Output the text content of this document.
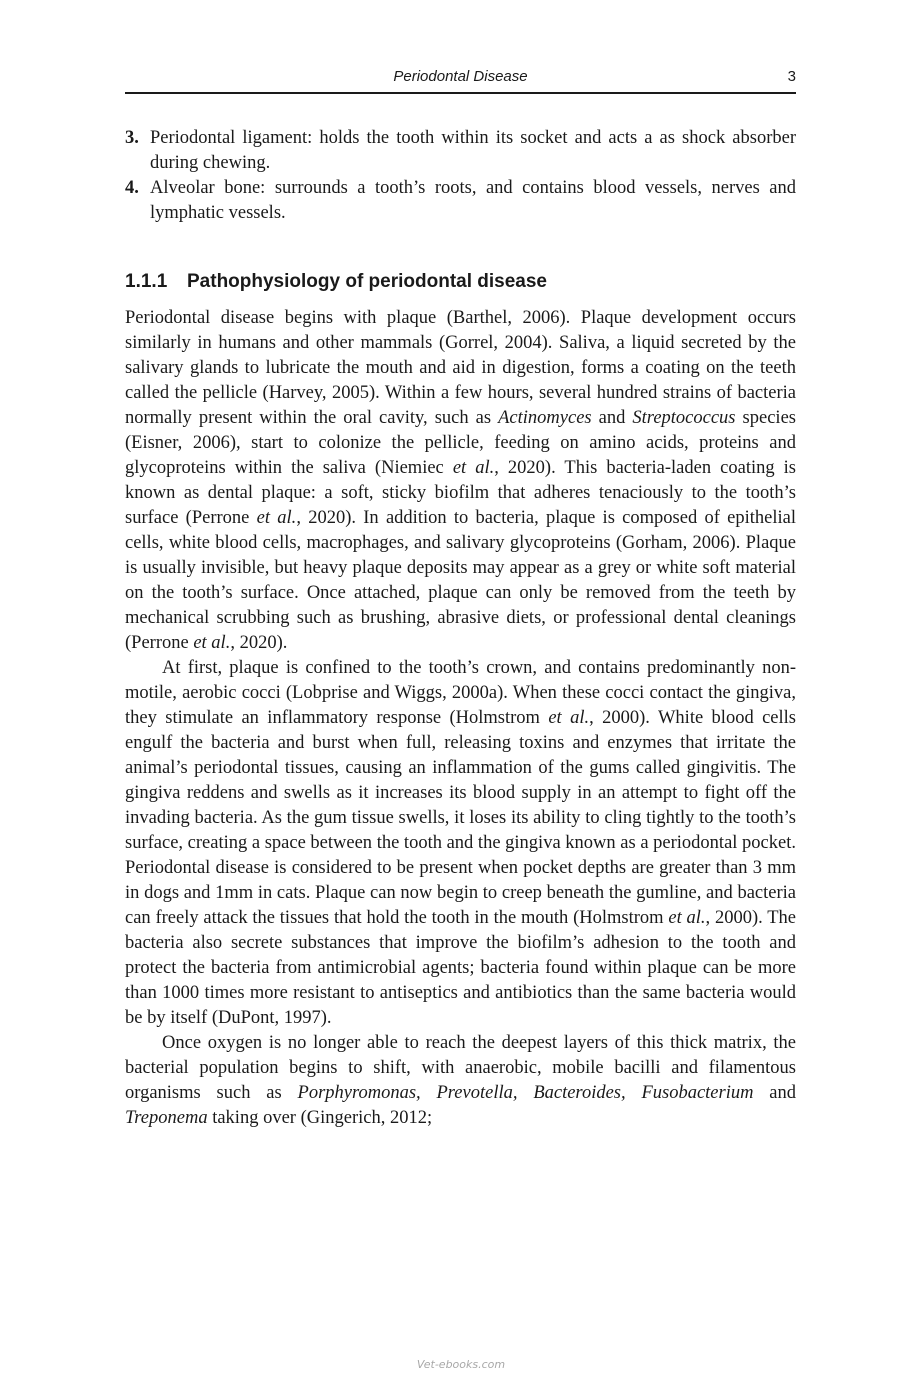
Periodontal Disease	3
3. Periodontal ligament: holds the tooth within its socket and acts a as shock absorber during chewing.
4. Alveolar bone: surrounds a tooth’s roots, and contains blood vessels, nerves and lymphatic vessels.
1.1.1 Pathophysiology of periodontal disease

Periodontal disease begins with plaque (Barthel, 2006). Plaque development occurs similarly in humans and other mammals (Gorrel, 2004). Saliva, a liquid secreted by the salivary glands to lubricate the mouth and aid in digestion, forms a coating on the teeth called the pellicle (Harvey, 2005). Within a few hours, several hundred strains of bacteria normally present within the oral cavity, such as Actinomyces and Streptococcus species (Eisner, 2006), start to colonize the pellicle, feeding on amino acids, proteins and glycoproteins within the saliva (Niemiec et al., 2020). This bacteria-laden coating is known as dental plaque: a soft, sticky biofilm that adheres tenaciously to the tooth’s surface (Perrone et al., 2020). In addition to bacteria, plaque is composed of epithelial cells, white blood cells, macrophages, and salivary glycoproteins (Gorham, 2006). Plaque is usually invisible, but heavy plaque deposits may appear as a grey or white soft material on the tooth’s surface. Once attached, plaque can only be removed from the teeth by mechanical scrubbing such as brushing, abrasive diets, or professional dental cleanings (Perrone et al., 2020).

At first, plaque is confined to the tooth’s crown, and contains predominantly non-motile, aerobic cocci (Lobprise and Wiggs, 2000a). When these cocci contact the gingiva, they stimulate an inflammatory response (Holmstrom et al., 2000). White blood cells engulf the bacteria and burst when full, releasing toxins and enzymes that irritate the animal’s periodontal tissues, causing an inflammation of the gums called gingivitis. The gingiva reddens and swells as it increases its blood supply in an attempt to fight off the invading bacteria. As the gum tissue swells, it loses its ability to cling tightly to the tooth’s surface, creating a space between the tooth and the gingiva known as a periodontal pocket. Periodontal disease is considered to be present when pocket depths are greater than 3 mm in dogs and 1mm in cats. Plaque can now begin to creep beneath the gumline, and bacteria can freely attack the tissues that hold the tooth in the mouth (Holmstrom et al., 2000). The bacteria also secrete substances that improve the biofilm’s adhesion to the tooth and protect the bacteria from antimicrobial agents; bacteria found within plaque can be more than 1000 times more resistant to antiseptics and antibiotics than the same bacteria would be by itself (DuPont, 1997).

Once oxygen is no longer able to reach the deepest layers of this thick matrix, the bacterial population begins to shift, with anaerobic, mobile bacilli and filamentous organisms such as Porphyromonas, Prevotella, Bacteroides, Fusobacterium and Treponema taking over (Gingerich, 2012;

Vet-ebooks.com
